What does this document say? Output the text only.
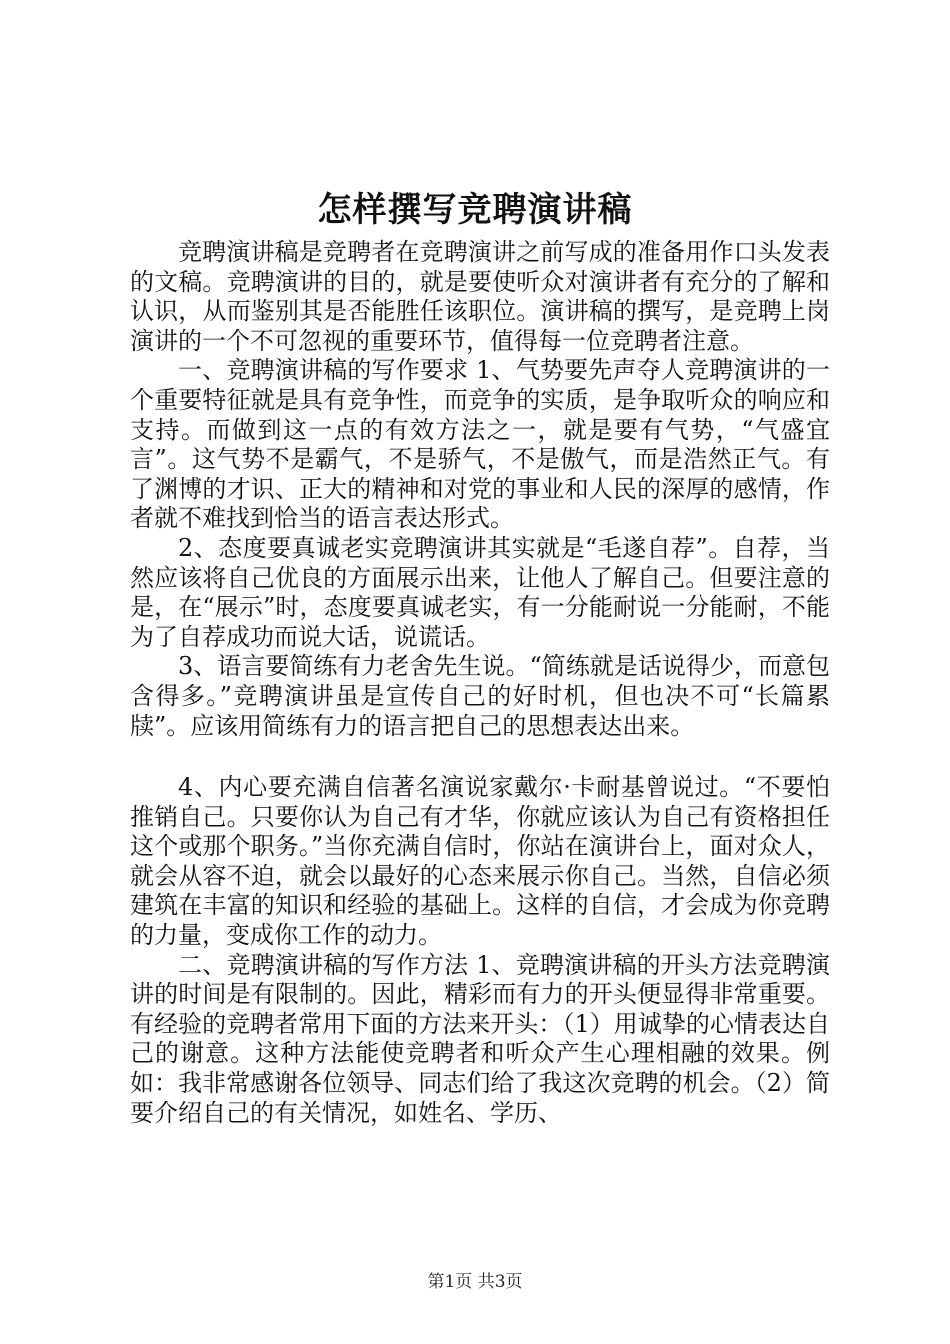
怎样撰写竞聘演讲稿

竞聘演讲稿是竞聘者在竞聘演讲之前写成的准备用作口头发表的文稿。竞聘演讲的目的，就是要使听众对演讲者有充分的了解和认识，从而鉴别其是否能胜任该职位。演讲稿的撰写，是竞聘上岗演讲的一个不可忽视的重要环节，值得每一位竞聘者注意。

一、竞聘演讲稿的写作要求 1、气势要先声夺人竞聘演讲的一个重要特征就是具有竞争性，而竞争的实质，是争取听众的响应和支持。而做到这一点的有效方法之一，就是要有气势，“气盛宜言”。这气势不是霸气，不是骄气，不是傲气，而是浩然正气。有了渊博的才识、正大的精神和对党的事业和人民的深厚的感情，作者就不难找到恰当的语言表达形式。

2、态度要真诚老实竞聘演讲其实就是“毛遂自荐”。自荐，当然应该将自己优良的方面展示出来，让他人了解自己。但要注意的是，在“展示”时，态度要真诚老实，有一分能耐说一分能耐，不能为了自荐成功而说大话，说谎话。

3、语言要简练有力老舍先生说。“简练就是话说得少，而意包含得多。”竞聘演讲虽是宣传自己的好时机，但也决不可“长篇累牍”。应该用简练有力的语言把自己的思想表达出来。

4、内心要充满自信著名演说家戴尔·卡耐基曾说过。“不要怕推销自己。只要你认为自己有才华，你就应该认为自己有资格担任这个或那个职务。”当你充满自信时，你站在演讲台上，面对众人，就会从容不迫，就会以最好的心态来展示你自己。当然，自信必须建筑在丰富的知识和经验的基础上。这样的自信，才会成为你竞聘的力量，变成你工作的动力。

二、竞聘演讲稿的写作方法 1、竞聘演讲稿的开头方法竞聘演讲的时间是有限制的。因此，精彩而有力的开头便显得非常重要。有经验的竞聘者常用下面的方法来开头：（1）用诚挚的心情表达自己的谢意。这种方法能使竞聘者和听众产生心理相融的效果。例如：我非常感谢各位领导、同志们给了我这次竞聘的机会。（2）简要介绍自己的有关情况，如姓名、学历、

第1页 共3页
